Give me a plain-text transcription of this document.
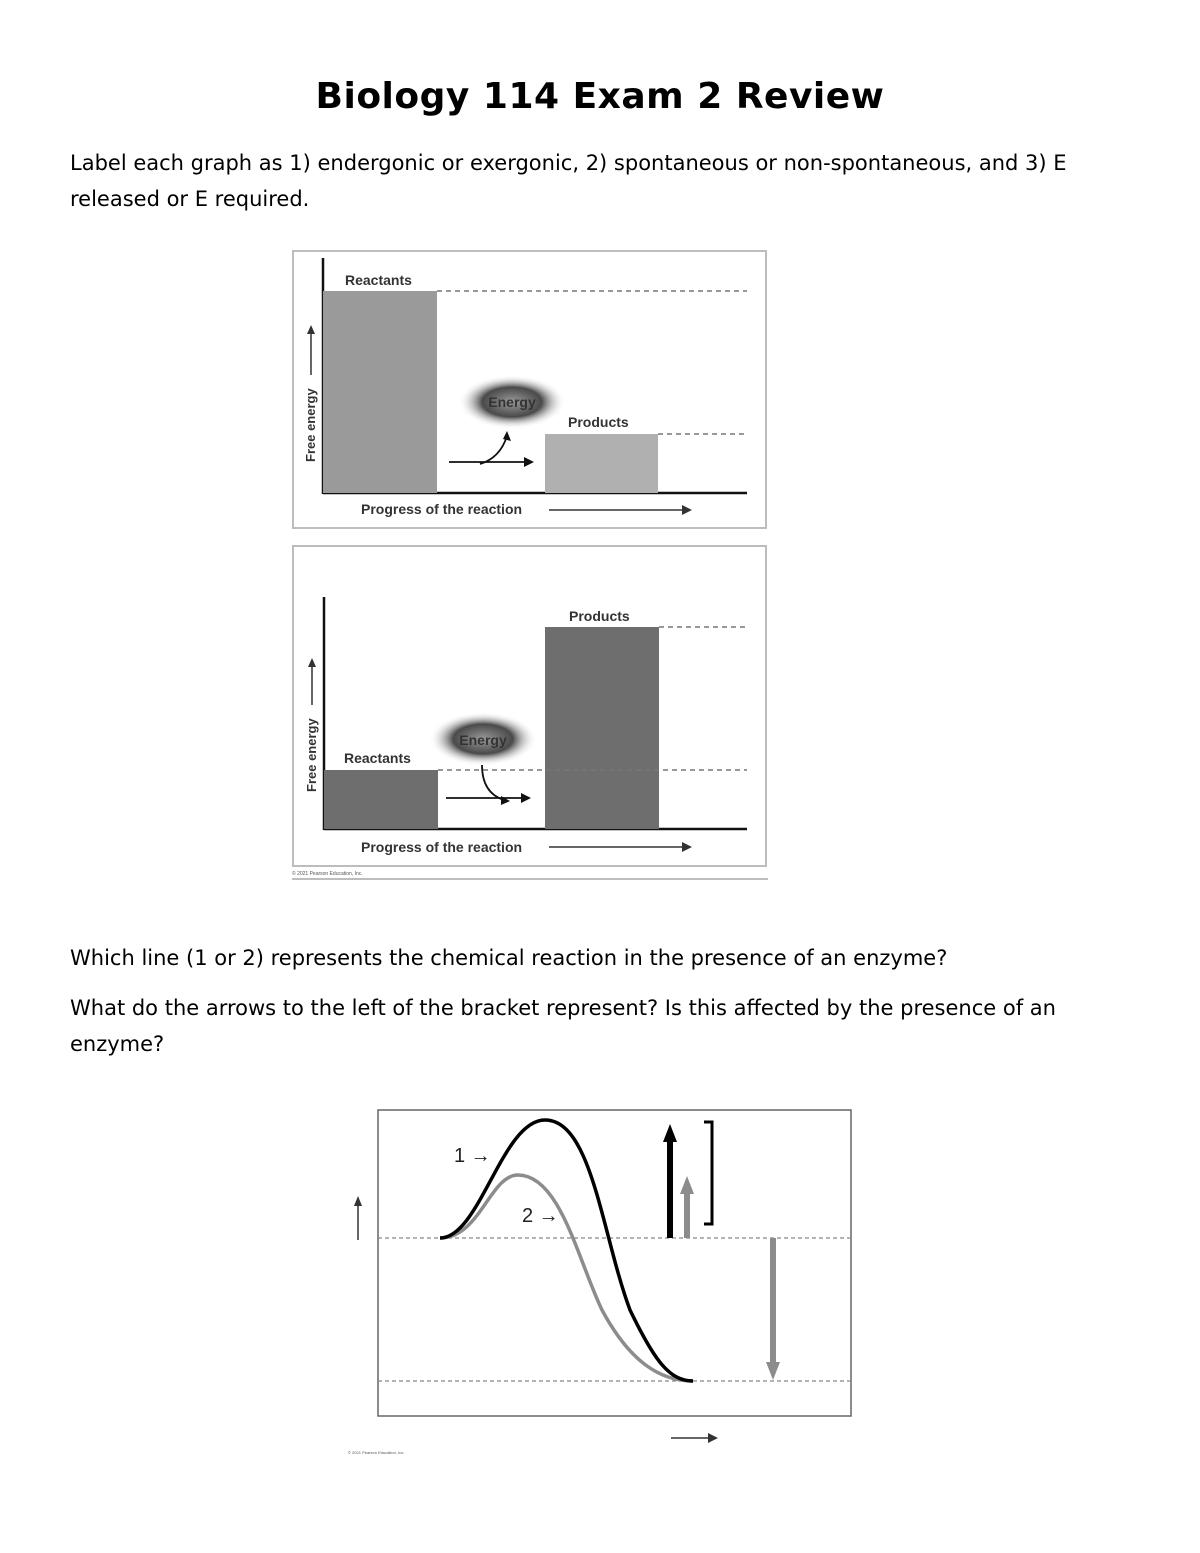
Biology 114 Exam 2 Review
Label each graph as 1) endergonic or exergonic, 2) spontaneous or non-spontaneous, and 3) E released or E required.
Reactants
Products
Energy
Free energy
Progress of the reaction
Reactants
Products
Energy
Free energy
Progress of the reaction
© 2021 Pearson Education, Inc.
Which line (1 or 2) represents the chemical reaction in the presence of an enzyme?
What do the arrows to the left of the bracket represent? Is this affected by the presence of an enzyme?
1 →
2 →
© 2021 Pearson Education, Inc.
